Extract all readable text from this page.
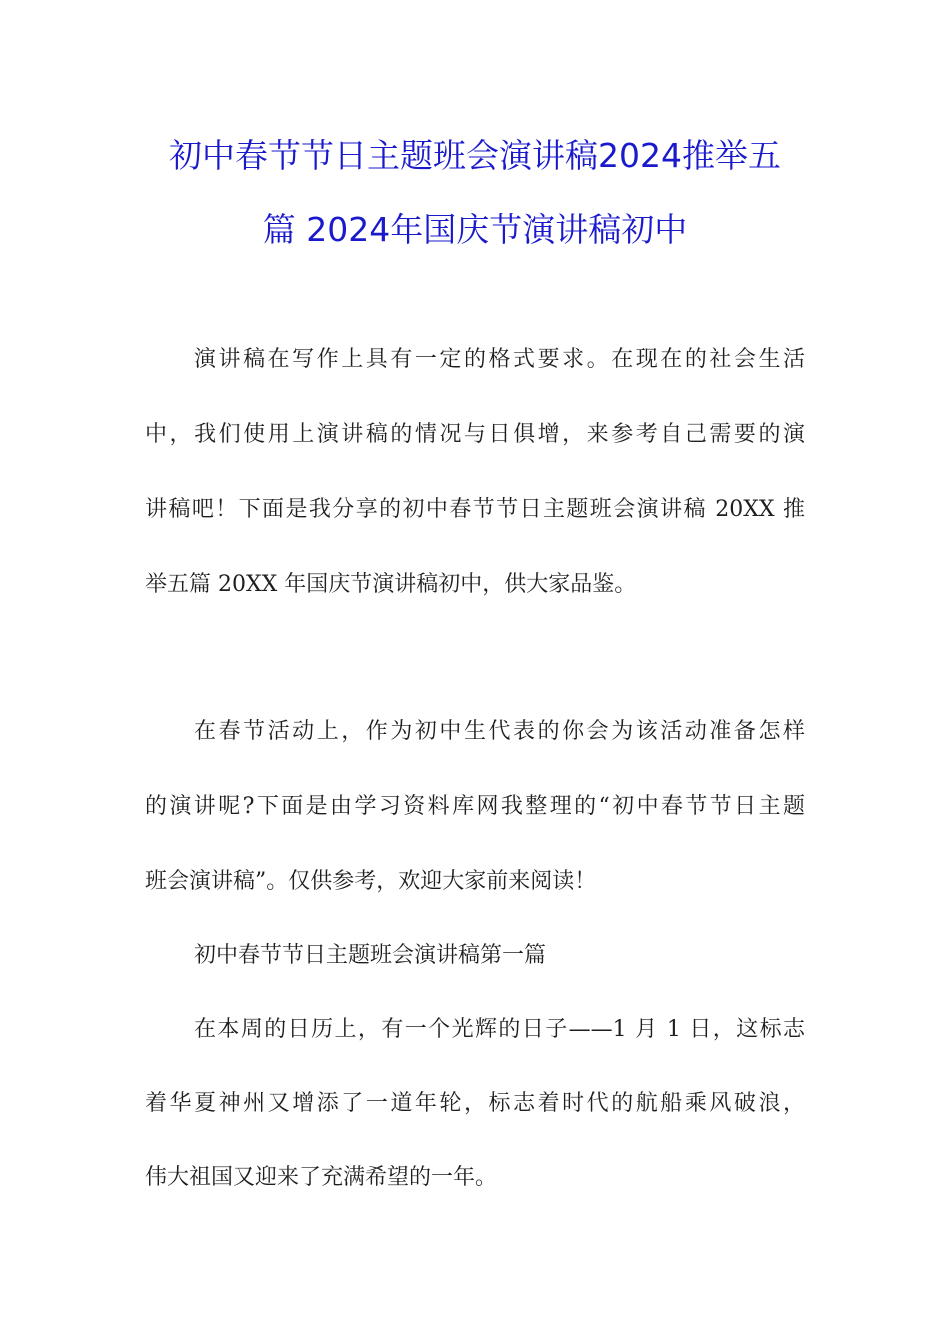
初中春节节日主题班会演讲稿2024推举五
篇 2024年国庆节演讲稿初中
演讲稿在写作上具有一定的格式要求。在现在的社会生活
中，我们使用上演讲稿的情况与日俱增，来参考自己需要的演
讲稿吧！下面是我分享的初中春节节日主题班会演讲稿 20XX 推
举五篇 20XX 年国庆节演讲稿初中，供大家品鉴。
在春节活动上，作为初中生代表的你会为该活动准备怎样
的演讲呢?下面是由学习资料库网我整理的“初中春节节日主题
班会演讲稿”。仅供参考，欢迎大家前来阅读！
初中春节节日主题班会演讲稿第一篇
在本周的日历上，有一个光辉的日子——1 月 1 日，这标志
着华夏神州又增添了一道年轮，标志着时代的航船乘风破浪，
伟大祖国又迎来了充满希望的一年。
